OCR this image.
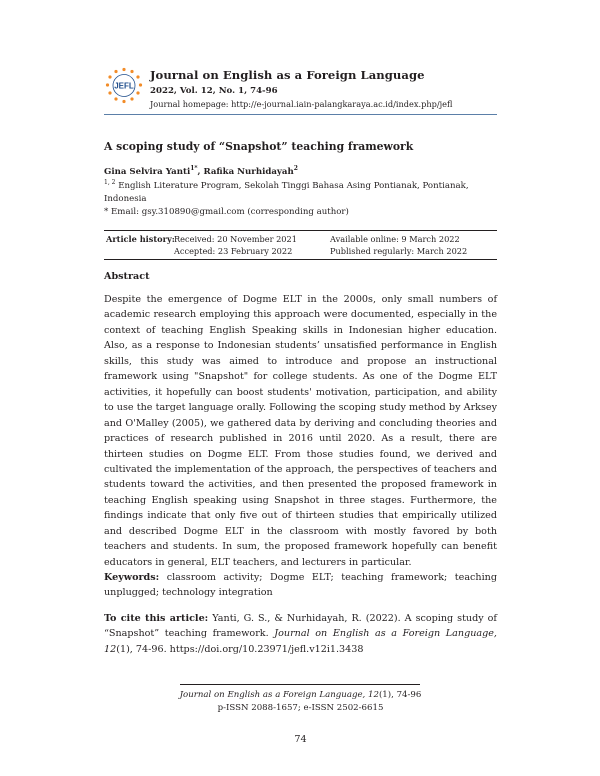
JEFL
Journal on English as a Foreign Language
2022, Vol. 12, No. 1, 74-96
Journal homepage: http://e-journal.iain-palangkaraya.ac.id/index.php/jefl
A scoping study of “Snapshot” teaching framework
Gina Selvira Yanti$^{1*}$, Rafika Nurhidayah$^2$
$^{1, 2}$ English Literature Program, Sekolah Tinggi Bahasa Asing Pontianak, Pontianak, Indonesia
* Email: gsy.310890@gmail.com (corresponding author)
Article history: Received: 20 November 2021
Accepted: 23 February 2022
Available online: 9 March 2022
Published regularly: March 2022
Abstract
Despite the emergence of Dogme ELT in the 2000s, only small numbers of academic research employing this approach were documented, especially in the context of teaching English Speaking skills in Indonesian higher education. Also, as a response to Indonesian students’ unsatisfied performance in English skills, this study was aimed to introduce and propose an instructional framework using "Snapshot" for college students. As one of the Dogme ELT activities, it hopefully can boost students' motivation, participation, and ability to use the target language orally. Following the scoping study method by Arksey and O'Malley (2005), we gathered data by deriving and concluding theories and practices of research published in 2016 until 2020. As a result, there are thirteen studies on Dogme ELT. From those studies found, we derived and cultivated the implementation of the approach, the perspectives of teachers and students toward the activities, and then presented the proposed framework in teaching English speaking using Snapshot in three stages. Furthermore, the findings indicate that only five out of thirteen studies that empirically utilized and described Dogme ELT in the classroom with mostly favored by both teachers and students. In sum, the proposed framework hopefully can benefit educators in general, ELT teachers, and lecturers in particular.
Keywords: classroom activity; Dogme ELT; teaching framework; teaching unplugged; technology integration
To cite this article: Yanti, G. S., & Nurhidayah, R. (2022). A scoping study of “Snapshot” teaching framework. Journal on English as a Foreign Language, 12(1), 74-96. https://doi.org/10.23971/jefl.v12i1.3438
Journal on English as a Foreign Language, 12(1), 74-96
p-ISSN 2088-1657; e-ISSN 2502-6615
74
